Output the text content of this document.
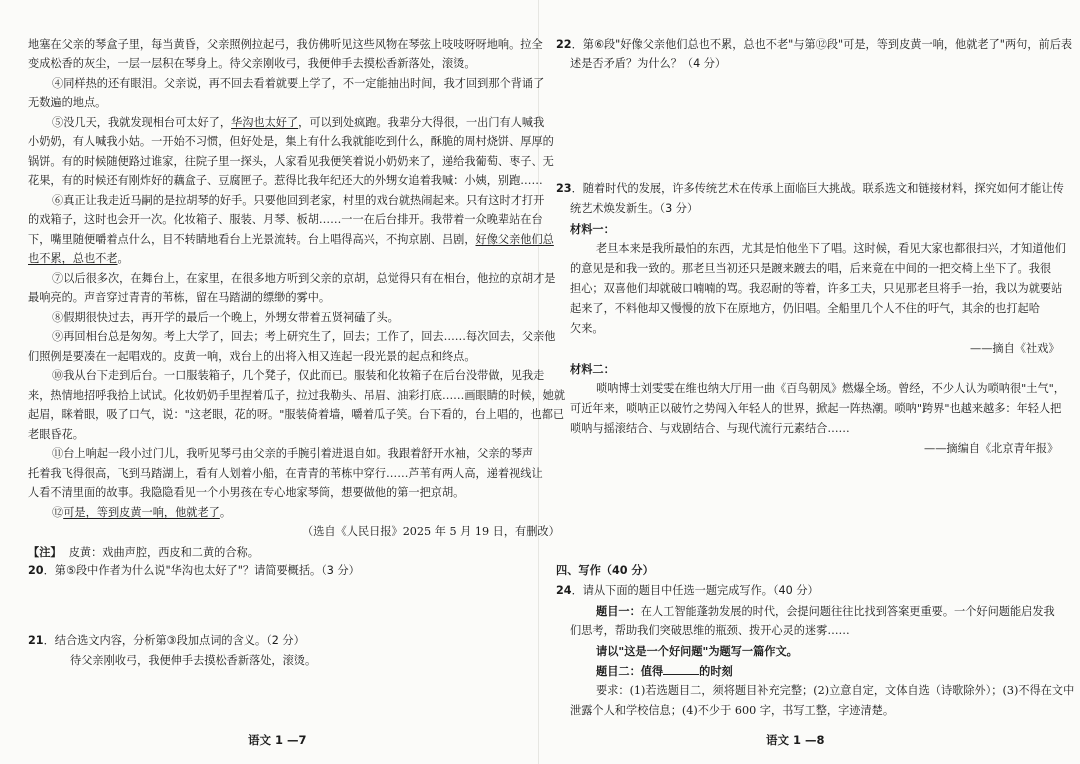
地塞在父亲的琴盒子里，每当黄昏，父亲照例拉起弓，我仿佛听见这些风物在琴弦上吱吱呀呀地响。拉全
变成松香的灰尘，一层一层积在琴身上。待父亲刚收弓，我便伸手去摸松香新落处，滚烫。
④同样热的还有眼泪。父亲说，再不回去看着就要上学了，不一定能抽出时间，我才回到那个背诵了
无数遍的地点。
⑤没几天，我就发现相台可太好了，华沟也太好了，可以到处疯跑。我辈分大得很，一出门有人喊我
小奶奶，有人喊我小姑。一开始不习惯，但好处是，集上有什么我就能吃到什么，酥脆的周村烧饼、厚厚的
锅饼。有的时候随便路过谁家，往院子里一探头，人家看见我便笑着说小奶奶来了，递给我葡萄、枣子、无
花果，有的时候还有刚炸好的藕盒子、豆腐匣子。惹得比我年纪还大的外甥女追着我喊：小姨，别跑……
⑥真正让我走近马嗣的是拉胡琴的好手。只要他回到老家，村里的戏台就热闹起来。只有这时才打开
的戏箱子，这时也会开一次。化妆箱子、服装、月琴、板胡……一一在后台排开。我带着一众晚辈站在台
下，嘴里随便嚼着点什么，目不转睛地看台上光景流转。台上唱得高兴，不拘京剧、吕剧，好像父亲他们总
也不累，总也不老。
⑦以后很多次，在舞台上，在家里，在很多地方听到父亲的京胡，总觉得只有在相台，他拉的京胡才是
最响亮的。声音穿过青青的苇栋，留在马踏湖的缥缈的雾中。
⑧假期很快过去，再开学的最后一个晚上，外甥女带着五贤祠磕了头。
⑨再回相台总是匆匆。考上大学了，回去；考上研究生了，回去；工作了，回去……每次回去，父亲他
们照例是要凑在一起唱戏的。皮黄一响，戏台上的出将入相又连起一段光景的起点和终点。
⑩我从台下走到后台。一口服装箱子，几个凳子，仅此而已。服装和化妆箱子在后台没带做，见我走
来，热情地招呼我拾上试试。化妆奶奶手里捏着瓜子，拉过我勒头、吊眉、油彩打底……画眼睛的时候，她就
起眉，眯着眼，吸了口气，说："这老眼，花的呀。"服装倚着墙，嚼着瓜子笑。台下看的，台上唱的，也都已
老眼昏花。
⑪台上响起一段小过门儿，我听见琴弓由父亲的手腕引着进退自如。我跟着舒开水袖，父亲的琴声
托着我飞得很高，飞到马踏湖上，看有人划着小船，在青青的苇栋中穿行……芦苇有两人高，递着视线让
人看不清里面的故事。我隐隐看见一个小男孩在专心地家琴筒，想要做他的第一把京胡。
⑫可是，等到皮黄一响，他就老了。
（选自《人民日报》2025 年 5 月 19 日，有删改）
【注】 皮黄：戏曲声腔，西皮和二黄的合称。
20．第⑤段中作者为什么说"华沟也太好了"？请简要概括。（3 分）
21．结合选文内容，分析第③段加点词的含义。（2 分）
待父亲刚收弓，我便伸手去摸松香新落处，滚烫。
语文 1 —7
22．第⑥段"好像父亲他们总也不累，总也不老"与第⑫段"可是，等到皮黄一响，他就老了"两句，前后表
述是否矛盾？为什么？（4 分）
23．随着时代的发展，许多传统艺术在传承上面临巨大挑战。联系选文和链接材料，探究如何才能让传
统艺术焕发新生。（3 分）
材料一：
老旦本来是我所最怕的东西，尤其是怕他坐下了唱。这时候，看见大家也都很扫兴，才知道他们
的意见是和我一致的。那老旦当初还只是踱来踱去的唱，后来竟在中间的一把交椅上坐下了。我很
担心；双喜他们却就破口喃喃的骂。我忍耐的等着，许多工夫，只见那老旦将手一抬，我以为就要站
起来了，不料他却又慢慢的放下在原地方，仍旧唱。全船里几个人不住的吁气，其余的也打起哈
欠来。
——摘自《社戏》
材料二：
唢呐博士刘雯雯在维也纳大厅用一曲《百鸟朝凤》燃爆全场。曾经，不少人认为唢呐很"土气"，
可近年来，唢呐正以破竹之势闯入年轻人的世界，掀起一阵热潮。唢呐"跨界"也越来越多：年轻人把
唢呐与摇滚结合、与戏剧结合、与现代流行元素结合……
——摘编自《北京青年报》
四、写作（40 分）
24．请从下面的题目中任选一题完成写作。（40 分）
题目一：在人工智能蓬勃发展的时代，会提问题往往比找到答案更重要。一个好问题能启发我
们思考，帮助我们突破思维的瓶颈、拨开心灵的迷雾……
请以"这是一个好问题"为题写一篇作文。
题目二：值得	的时刻
要求：(1)若选题目二，须将题目补充完整；(2)立意自定，文体自选（诗歌除外）；(3)不得在文中
泄露个人和学校信息；(4)不少于 600 字，书写工整，字迹清楚。
语文 1 —8
